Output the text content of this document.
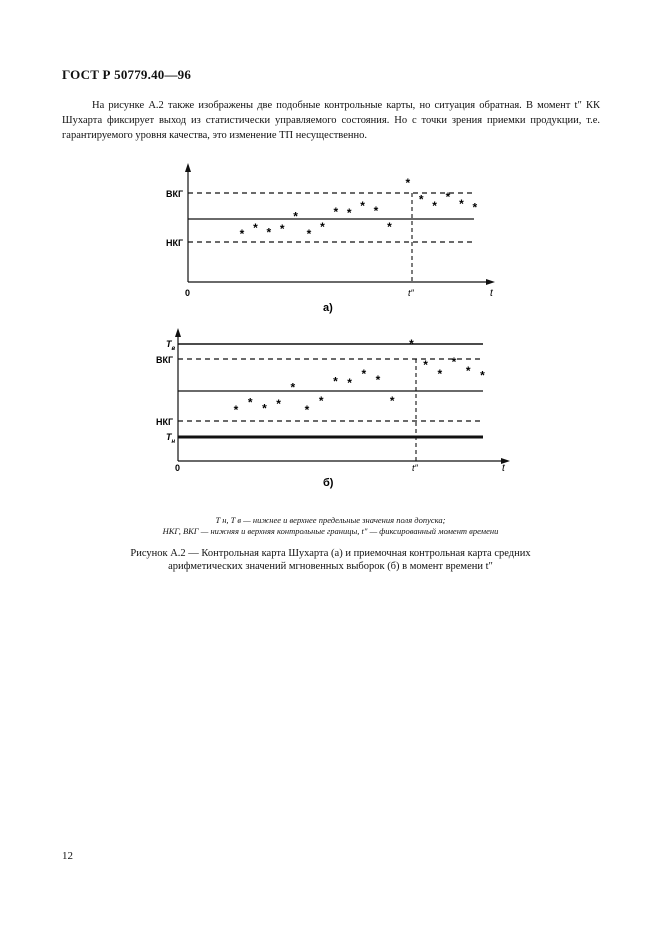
ГОСТ Р 50779.40—96
На рисунке А.2 также изображены две подобные контрольные карты, но ситуация обратная. В момент t″ КК Шухарта фиксирует выход из статистически управляемого состояния. Но с точки зрения приемки продукции, т.е. гарантируемого уровня качества, это изменение ТП несущественно.
ВКГ
НКГ
0	t″	t
а)
* * * *
*
* *
* * * *
*
*
* *
* * *
$T_в$
ВКГ
НКГ
$T_н$
0	t″	t
б)
*
* * *
*
*
*
* *
* *
*
*
*
*
*
* *
T н, T в — нижнее и верхнее предельные значения поля допуска;
НКГ, ВКГ — нижняя и верхняя контрольные границы, t″ — фиксированный момент времени
Рисунок А.2 — Контрольная карта Шухарта (а) и приемочная контрольная карта средних
арифметических значений мгновенных выборок (б) в момент времени t″
12
